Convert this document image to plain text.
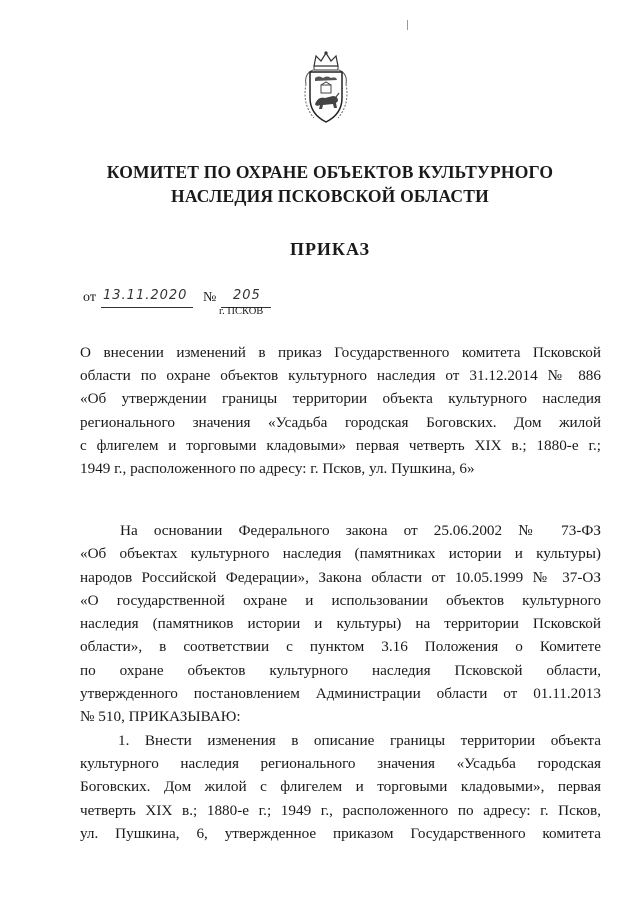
КОМИТЕТ ПО ОХРАНЕ ОБЪЕКТОВ КУЛЬТУРНОГО
НАСЛЕДИЯ ПСКОВСКОЙ ОБЛАСТИ
ПРИКАЗ
от 13.11.2020 № 205
г. ПСКОВ
О внесении изменений в приказ Государственного комитета Псковской
области по охране объектов культурного наследия от 31.12.2014 № 886
«Об утверждении границы территории объекта культурного наследия
регионального значения «Усадьба городская Боговских. Дом жилой
с флигелем и торговыми кладовыми» первая четверть XIX в.; 1880-е г.;
1949 г., расположенного по адресу: г. Псков, ул. Пушкина, 6»
На основании Федерального закона от 25.06.2002 № 73-ФЗ
«Об объектах культурного наследия (памятниках истории и культуры)
народов Российской Федерации», Закона области от 10.05.1999 № 37-ОЗ
«О государственной охране и использовании объектов культурного
наследия (памятников истории и культуры) на территории Псковской
области», в соответствии с пунктом 3.16 Положения о Комитете
по охране объектов культурного наследия Псковской области,
утвержденного постановлением Администрации области от 01.11.2013
№ 510, ПРИКАЗЫВАЮ:
1. Внести изменения в описание границы территории объекта
культурного наследия регионального значения «Усадьба городская
Боговских. Дом жилой с флигелем и торговыми кладовыми», первая
четверть XIX в.; 1880-е г.; 1949 г., расположенного по адресу: г. Псков,
ул. Пушкина, 6, утвержденное приказом Государственного комитета
